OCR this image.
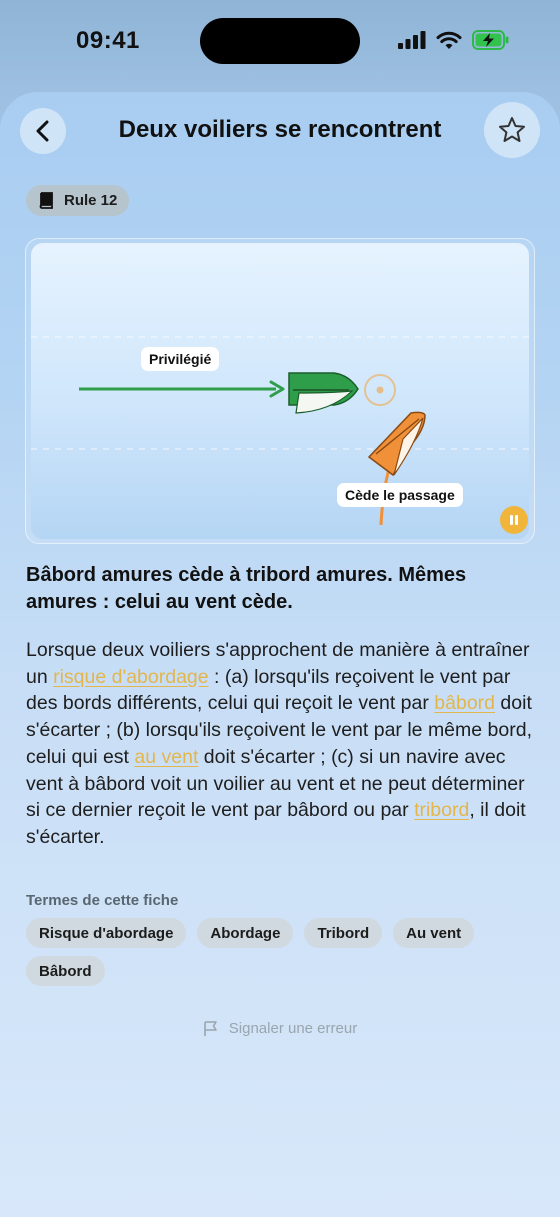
09:41
Deux voiliers se rencontrent
Rule 12
Privilégié
Cède le passage
Bâbord amures cède à tribord amures. Mêmes amures : celui au vent cède.
Lorsque deux voiliers s'approchent de manière à entraîner un risque d'abordage : (a) lorsqu'ils reçoivent le vent par des bords différents, celui qui reçoit le vent par bâbord doit s'écarter ; (b) lorsqu'ils reçoivent le vent par le même bord, celui qui est au vent doit s'écarter ; (c) si un navire avec vent à bâbord voit un voilier au vent et ne peut déterminer si ce dernier reçoit le vent par bâbord ou par tribord, il doit s'écarter.
Termes de cette fiche
Risque d'abordage	Abordage	Tribord	Au vent
Bâbord
Signaler une erreur
